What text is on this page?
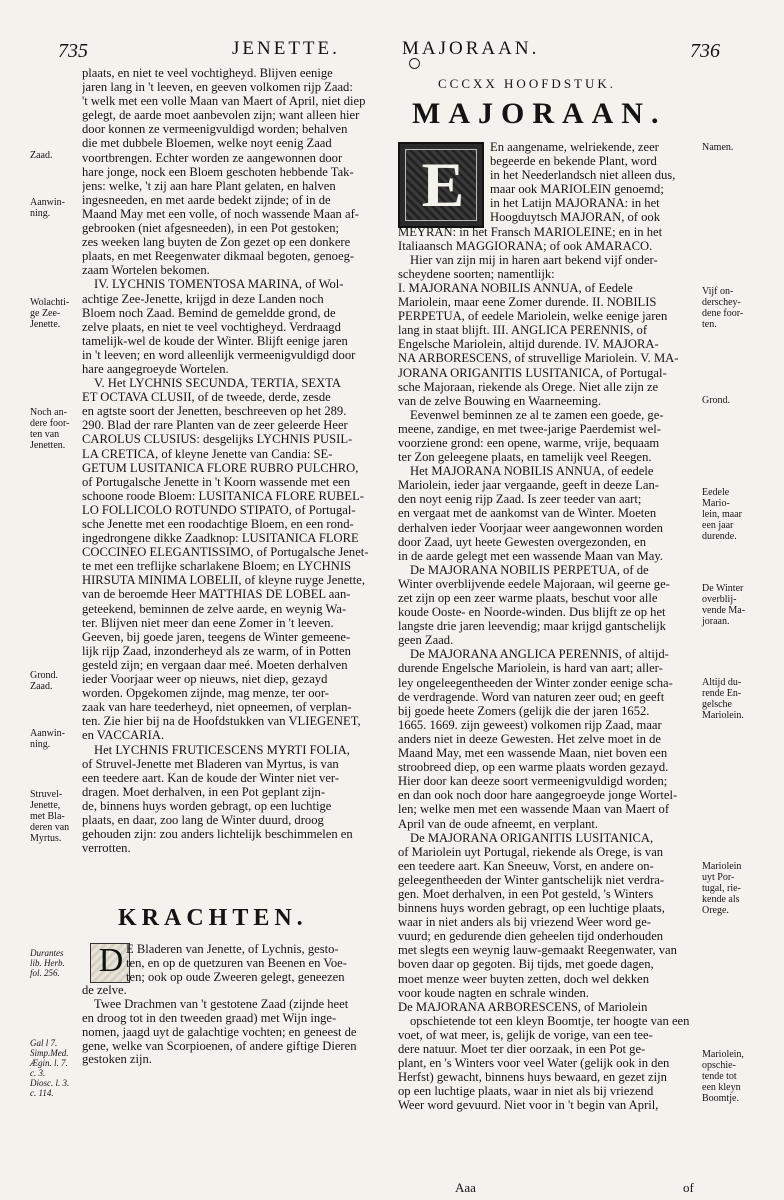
735	JENETTE.	MAJORAAN.	736
plaats, en niet te veel vochtigheyd. Blijven eenige
jaren lang in 't leeven, en geeven volkomen rijp Zaad:
't welk met een volle Maan van Maert of April, niet diep
gelegt, de aarde moet aanbevolen zijn; want alleen hier
door konnen ze vermeenigvuldigd worden; behalven
die met dubbele Bloemen, welke noyt eenig Zaad
voortbrengen. Echter worden ze aangewonnen door
hare jonge, nock een Bloem geschoten hebbende Tak-
jens: welke, 't zij aan hare Plant gelaten, en halven
ingesneeden, en met aarde bedekt zijnde; of in de
Maand May met een volle, of noch wassende Maan af-
gebrooken (niet afgesneeden), in een Pot gestoken;
zes weeken lang buyten de Zon gezet op een donkere
plaats, en met Reegenwater dikmaal begoten, genoeg-
zaam Wortelen bekomen.
IV. LYCHNIS TOMENTOSA MARINA, of Wol-
achtige Zee-Jenette, krijgd in deze Landen noch
Bloem noch Zaad. Bemind de gemeldde grond, de
zelve plaats, en niet te veel vochtigheyd. Verdraagd
tamelijk-wel de koude der Winter. Blijft eenige jaren
in 't leeven; en word alleenlijk vermeenigvuldigd door
hare aangegroeyde Wortelen.
V. Het LYCHNIS SECUNDA, TERTIA, SEXTA
ET OCTAVA CLUSII, of de tweede, derde, zesde
en agtste soort der Jenetten, beschreeven op het 289.
290. Blad der rare Planten van de zeer geleerde Heer
CAROLUS CLUSIUS: desgelijks LYCHNIS PUSIL-
LA CRETICA, of kleyne Jenette van Candia: SE-
GETUM LUSITANICA FLORE RUBRO PULCHRO,
of Portugalsche Jenette in 't Koorn wassende met een
schoone roode Bloem: LUSITANICA FLORE RUBEL-
LO FOLLICOLO ROTUNDO STIPATO, of Portugal-
sche Jenette met een roodachtige Bloem, en een rond-
ingedrongene dikke Zaadknop: LUSITANICA FLORE
COCCINEO ELEGANTISSIMO, of Portugalsche Jenet-
te met een treflijke scharlakene Bloem; en LYCHNIS
HIRSUTA MINIMA LOBELII, of kleyne ruyge Jenette,
van de beroemde Heer MATTHIAS DE LOBEL aan-
geteekend, beminnen de zelve aarde, en weynig Wa-
ter. Blijven niet meer dan eene Zomer in 't leeven.
Geeven, bij goede jaren, teegens de Winter gemeene-
lijk rijp Zaad, inzonderheyd als ze warm, of in Potten
gesteld zijn; en vergaan daar meé. Moeten derhalven
ieder Voorjaar weer op nieuws, niet diep, gezayd
worden. Opgekomen zijnde, mag menze, ter oor-
zaak van hare teederheyd, niet opneemen, of verplan-
ten. Zie hier bij na de Hoofdstukken van VLIEGENET,
en VACCARIA.
Het LYCHNIS FRUTICESCENS MYRTI FOLIA,
of Struvel-Jenette met Bladeren van Myrtus, is van
een teedere aart. Kan de koude der Winter niet ver-
dragen. Moet derhalven, in een Pot geplant zijn-
de, binnens huys worden gebragt, op een luchtige
plaats, en daar, zoo lang de Winter duurd, droog
gehouden zijn: zou anders lichtelijk beschimmelen en
verrotten.
KRACHTEN.
D E Bladeren van Jenette, of Lychnis, gesto-
ten, en op de quetzuren van Beenen en Voe-
ten; ook op oude Zweeren gelegt, geneezen
de zelve.
Twee Drachmen van 't gestotene Zaad (zijnde heet
en droog tot in den tweeden graad) met Wijn inge-
nomen, jaagd uyt de galachtige vochten; en geneest de
gene, welke van Scorpioenen, of andere giftige Dieren
gestoken zijn.
Zaad.
Aanwin-
ning.
Wolachti-
ge Zee-
Jenette.
Noch an-
dere foor-
ten van
Jenetten.
Grond.
Zaad.
Aanwin-
ning.
Struvel-
Jenette,
met Bla-
deren van
Myrtus.
Durantes
lib. Herb.
fol. 256.
Gal l 7.
Simp.Med.
Ægin. l. 7.
c. 3.
Diosc. l. 3.
c. 114.
CCCXX HOOFDSTUK.
MAJORAAN.
E
En aangename, welriekende, zeer
begeerde en bekende Plant, word
in het Neederlandsch niet alleen dus,
maar ook MARIOLEIN genoemd;
in het Latijn MAJORANA: in het
Hoogduytsch MAJORAN, of ook
MEYRAN: in het Fransch MARIOLEINE; en in het
Italiaansch MAGGIORANA; of ook AMARACO.
Hier van zijn mij in haren aart bekend vijf onder-
scheydene soorten; namentlijk:
I. MAJORANA NOBILIS ANNUA, of Eedele
Mariolein, maar eene Zomer durende. II. NOBILIS
PERPETUA, of eedele Mariolein, welke eenige jaren
lang in staat blijft. III. ANGLICA PERENNIS, of
Engelsche Mariolein, altijd durende. IV. MAJORA-
NA ARBORESCENS, of struvellige Mariolein. V. MA-
JORANA ORIGANITIS LUSITANICA, of Portugal-
sche Majoraan, riekende als Orege. Niet alle zijn ze
van de zelve Bouwing en Waarneeming.
Eevenwel beminnen ze al te zamen een goede, ge-
meene, zandige, en met twee-jarige Paerdemist wel-
voorziene grond: een opene, warme, vrije, bequaam
ter Zon geleegene plaats, en tamelijk veel Reegen.
Het MAJORANA NOBILIS ANNUA, of eedele
Mariolein, ieder jaar vergaande, geeft in deeze Lan-
den noyt eenig rijp Zaad. Is zeer teeder van aart;
en vergaat met de aankomst van de Winter. Moeten
derhalven ieder Voorjaar weer aangewonnen worden
door Zaad, uyt heete Gewesten overgezonden, en
in de aarde gelegt met een wassende Maan van May.
De MAJORANA NOBILIS PERPETUA, of de
Winter overblijvende eedele Majoraan, wil geerne ge-
zet zijn op een zeer warme plaats, beschut voor alle
koude Ooste- en Noorde-winden. Dus blijft ze op het
langste drie jaren leevendig; maar krijgd gantschelijk
geen Zaad.
De MAJORANA ANGLICA PERENNIS, of altijd-
durende Engelsche Mariolein, is hard van aart; aller-
ley ongeleegentheeden der Winter zonder eenige scha-
de verdragende. Word van naturen zeer oud; en geeft
bij goede heete Zomers (gelijk die der jaren 1652.
1665. 1669. zijn geweest) volkomen rijp Zaad, maar
anders niet in deeze Gewesten. Het zelve moet in de
Maand May, met een wassende Maan, niet boven een
stroobreed diep, op een warme plaats worden gezayd.
Hier door kan deeze soort vermeenigvuldigd worden;
en dan ook noch door hare aangegroeyde jonge Wortel-
len; welke men met een wassende Maan van Maert of
April van de oude afneemt, en verplant.
De MAJORANA ORIGANITIS LUSITANICA,
of Mariolein uyt Portugal, riekende als Orege, is van
een teedere aart. Kan Sneeuw, Vorst, en andere on-
geleegentheeden der Winter gantschelijk niet verdra-
gen. Moet derhalven, in een Pot gesteld, 's Winters
binnens huys worden gebragt, op een luchtige plaats,
waar in niet anders als bij vriezend Weer word ge-
vuurd; en gedurende dien geheelen tijd onderhouden
met slegts een weynig lauw-gemaakt Reegenwater, van
boven daar op gegoten. Bij tijds, met goede dagen,
moet menze weer buyten zetten, doch wel dekken
voor koude nagten en schrale winden.
De MAJORANA ARBORESCENS, of Mariolein
opschietende tot een kleyn Boomtje, ter hoogte van een
voet, of wat meer, is, gelijk de vorige, van een tee-
dere natuur. Moet ter dier oorzaak, in een Pot ge-
plant, en 's Winters voor veel Water (gelijk ook in den
Herfst) gewacht, binnens huys bewaard, en gezet zijn
op een luchtige plaats, waar in niet als bij vriezend
Weer word gevuurd. Niet voor in 't begin van April,
Namen.
Vijf on-
derschey-
dene foor-
ten.
Grond.
Eedele
Mario-
lein, maar
een jaar
durende.
De Winter
overblij-
vende Ma-
joraan.
Altijd du-
rende En-
gelsche
Mariolein.
Mariolein
uyt Por-
tugal, rie-
kende als
Orege.
Mariolein,
opschie-
tende tot
een kleyn
Boomtje.
Aaa	of
